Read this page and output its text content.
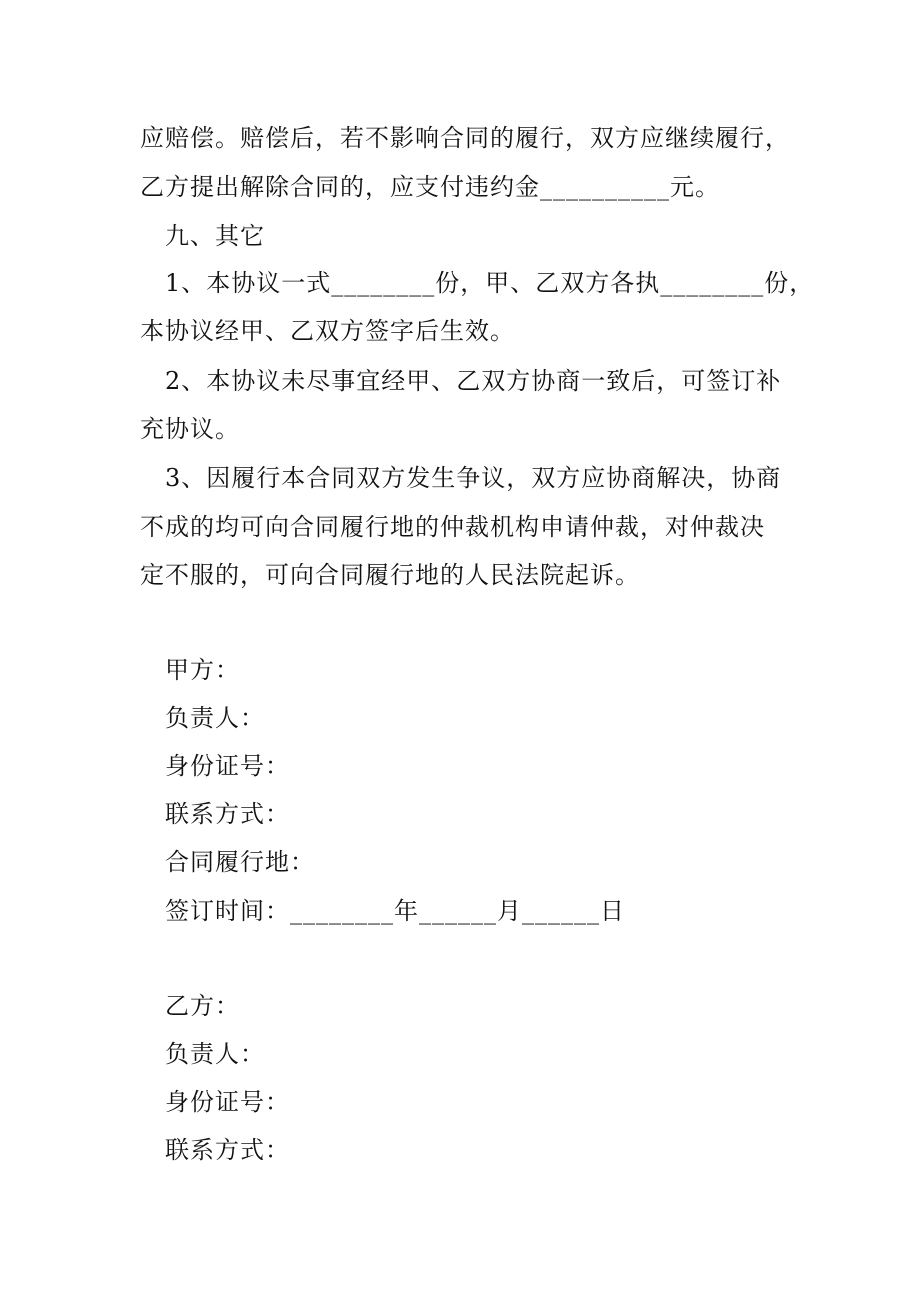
应赔偿。赔偿后，若不影响合同的履行，双方应继续履行，
乙方提出解除合同的，应支付违约金__________元。
九、其它
1、本协议一式________份，甲、乙双方各执________份，
本协议经甲、乙双方签字后生效。
2、本协议未尽事宜经甲、乙双方协商一致后，可签订补
充协议。
3、因履行本合同双方发生争议，双方应协商解决，协商
不成的均可向合同履行地的仲裁机构申请仲裁，对仲裁决
定不服的，可向合同履行地的人民法院起诉。
甲方：
负责人：
身份证号：
联系方式：
合同履行地：
签订时间：________年______月______日
乙方：
负责人：
身份证号：
联系方式：
